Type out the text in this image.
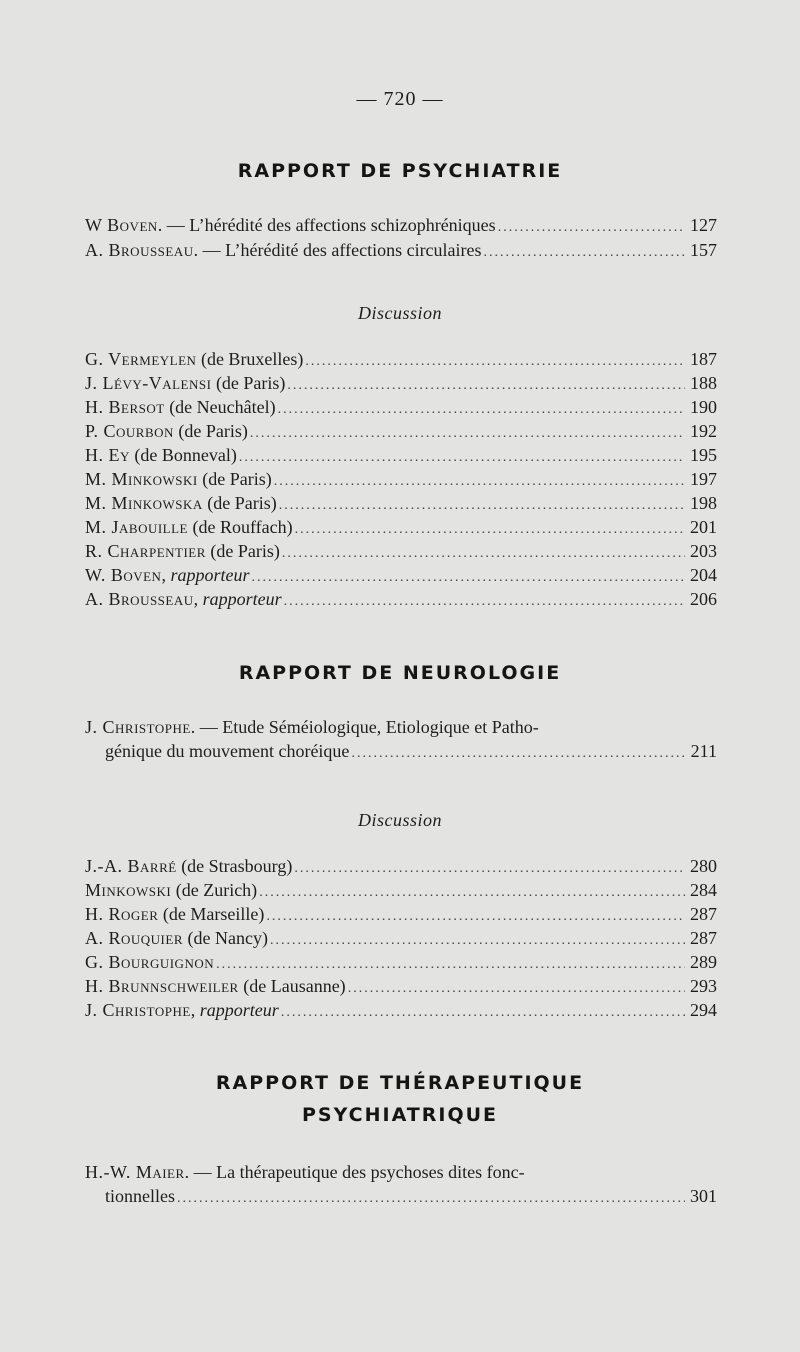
— 720 —
RAPPORT DE PSYCHIATRIE
W Boven . — L’hérédité des affections schizophréniques .....	127
A. Brousseau . — L’hérédité des affections circulaires .....	157
Discussion
G. Vermeylen (de Bruxelles) .....	187
J. Lévy-Valensi (de Paris) .....	188
H. Bersot (de Neuchâtel) .....	190
P. Courbon (de Paris) .....	192
H. Ey (de Bonneval) .....	195
M. Minkowski (de Paris) .....	197
M. Minkowska (de Paris) .....	198
M. Jabouille (de Rouffach) .....	201
R. Charpentier (de Paris) .....	203
W. Boven , rapporteur .....	204
A. Brousseau , rapporteur .....	206
RAPPORT DE NEUROLOGIE
J. Christophe. — Etude Séméiologique, Etiologique et Patho-
génique du mouvement choréique .....	211
Discussion
J.-A. Barré (de Strasbourg) .....	280
Minkowski (de Zurich) .....	284
H. Roger (de Marseille) .....	287
A. Rouquier (de Nancy) .....	287
G. Bourguignon .....	289
H. Brunnschweiler (de Lausanne) .....	293
J. Christophe , rapporteur .....	294
RAPPORT DE THÉRAPEUTIQUE
PSYCHIATRIQUE
H.-W. Maier. — La thérapeutique des psychoses dites fonc-
tionnelles .....	301
